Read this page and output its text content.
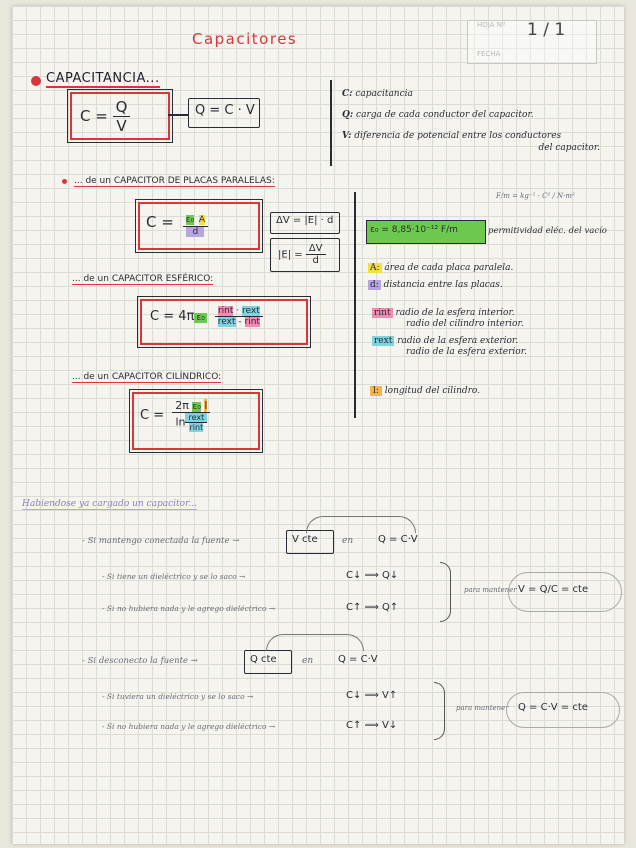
Capacitores
HOJA Nº 1 / 1
FECHA
CAPACITANCIA...
$C = \frac{Q}{V}$	Q = C · V
C: capacitancia
Q: carga de cada conductor del capacitor.
V: diferencia de potencial entre los conductores
del capacitor.
... de un CAPACITOR DE PLACAS PARALELAS:
$C = \frac{\text{ε₀ A}}{d}$	ΔV = |E| · d
$|E| = \frac{\Delta V}{d}$
F/m = kg⁻¹ · C² / N·m²
ε₀ = 8,85·10⁻¹² F/m	permitividad eléc. del vacío
A: área de cada placa paralela.
d: distancia entre las placas.
... de un CAPACITOR ESFÉRICO:
C = 4π $\varepsilon_0 \frac{\text{rint · rext}}{\text{rext - rint}}$	rint radio de la esfera interior.
radio del cilindro interior.
rext radio de la esfera exterior.
radio de la esfera exterior.
... de un CAPACITOR CILÍNDRICO:
$C = \frac{\text{2π ε₀ l}}{\ln \frac{\text{rext}}{\text{rint}}}$
l: longitud del cilindro.
Habiendose ya cargado un capacitor...
- Si mantengo conectada la fuente →	V cte	en Q = C·V
- Si tiene un dieléctrico y se lo saco →	C↓ ⟹ Q↓
- Si no hubiera nada y le agrego dieléctrico →	C↑ ⟹ Q↑
para mantener V = Q/C = cte
- Si desconecto la fuente →	Q cte	en Q = C·V
- Si tuviera un dieléctrico y se lo saco →	C↓ ⟹ V↑
- Si no hubiera nada y le agrego dieléctrico →	C↑ ⟹ V↓
para mantener Q = C·V = cte
